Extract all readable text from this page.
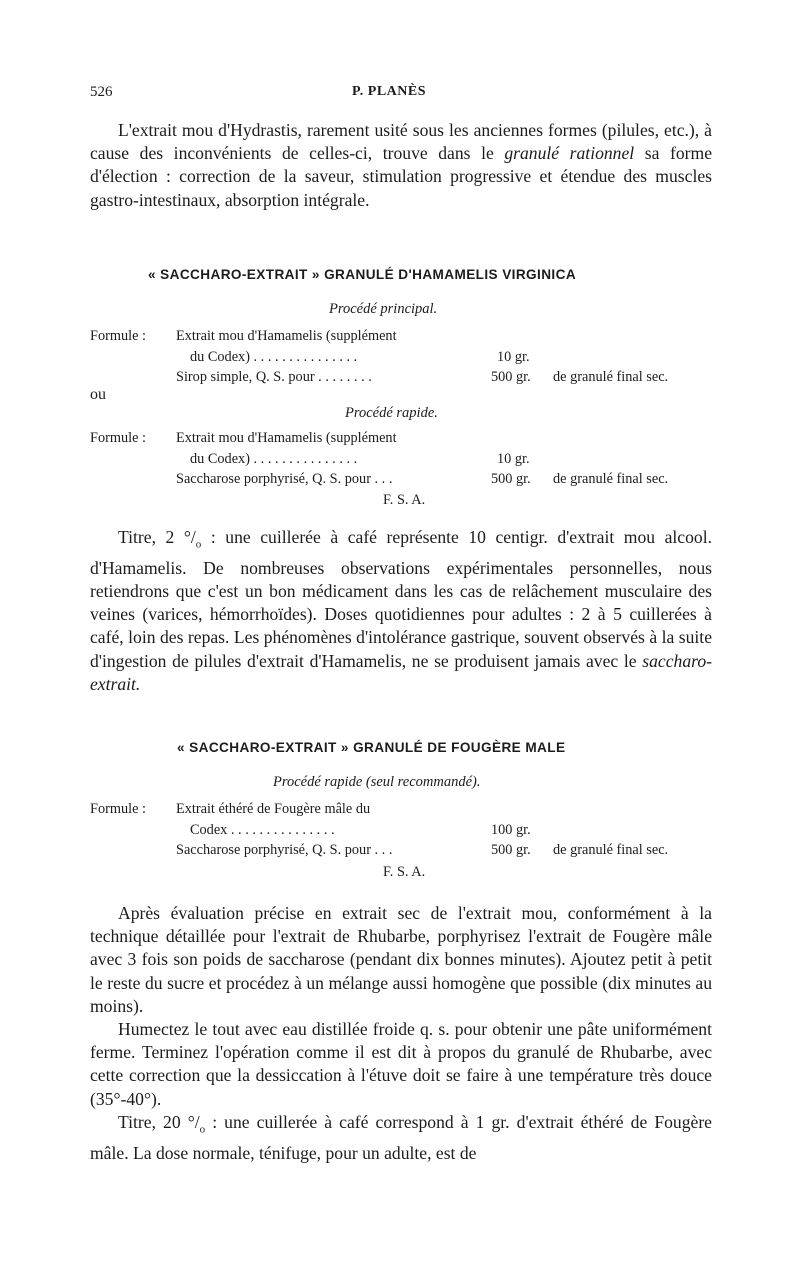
526	P. PLANÈS

L'extrait mou d'Hydrastis, rarement usité sous les anciennes formes (pilules, etc.), à cause des inconvénients de celles-ci, trouve dans le granulé rationnel sa forme d'élection : correction de la saveur, stimulation progressive et étendue des muscles gastro-intestinaux, absorption intégrale.

« SACCHARO-EXTRAIT » GRANULÉ D'HAMAMELIS VIRGINICA
Procédé principal.
Formule : Extrait mou d'Hamamelis (supplément
du Codex) . . . . . . . . . . . . . . .	10 gr.
Sirop simple, Q. S. pour . . . . . . . .	500 gr. de granulé final sec.
ou
Procédé rapide.
Formule : Extrait mou d'Hamamelis (supplément
du Codex) . . . . . . . . . . . . . . .	10 gr.
Saccharose porphyrisé, Q. S. pour . . .	500 gr. de granulé final sec.
F. S. A.

Titre, 2 $^\circ/_o$ : une cuillerée à café représente 10 centigr. d'extrait mou alcool. d'Hamamelis. De nombreuses observations expérimentales personnelles, nous retiendrons que c'est un bon médicament dans les cas de relâchement musculaire des veines (varices, hémorrhoïdes). Doses quotidiennes pour adultes : 2 à 5 cuillerées à café, loin des repas. Les phénomènes d'intolérance gastrique, souvent observés à la suite d'ingestion de pilules d'extrait d'Hamamelis, ne se produisent jamais avec le saccharo-extrait.

« SACCHARO-EXTRAIT » GRANULÉ DE FOUGÈRE MALE
Procédé rapide (seul recommandé).
Formule : Extrait éthéré de Fougère mâle du
Codex . . . . . . . . . . . . . . .	100 gr.
Saccharose porphyrisé, Q. S. pour . . .	500 gr. de granulé final sec.
F. S. A.

Après évaluation précise en extrait sec de l'extrait mou, conformément à la technique détaillée pour l'extrait de Rhubarbe, porphyrisez l'extrait de Fougère mâle avec 3 fois son poids de saccharose (pendant dix bonnes minutes). Ajoutez petit à petit le reste du sucre et procédez à un mélange aussi homogène que possible (dix minutes au moins).

Humectez le tout avec eau distillée froide q. s. pour obtenir une pâte uniformément ferme. Terminez l'opération comme il est dit à propos du granulé de Rhubarbe, avec cette correction que la dessiccation à l'étuve doit se faire à une température très douce (35°-40°).

Titre, 20 $^\circ/_o$ : une cuillerée à café correspond à 1 gr. d'extrait éthéré de Fougère mâle. La dose normale, ténifuge, pour un adulte, est de
